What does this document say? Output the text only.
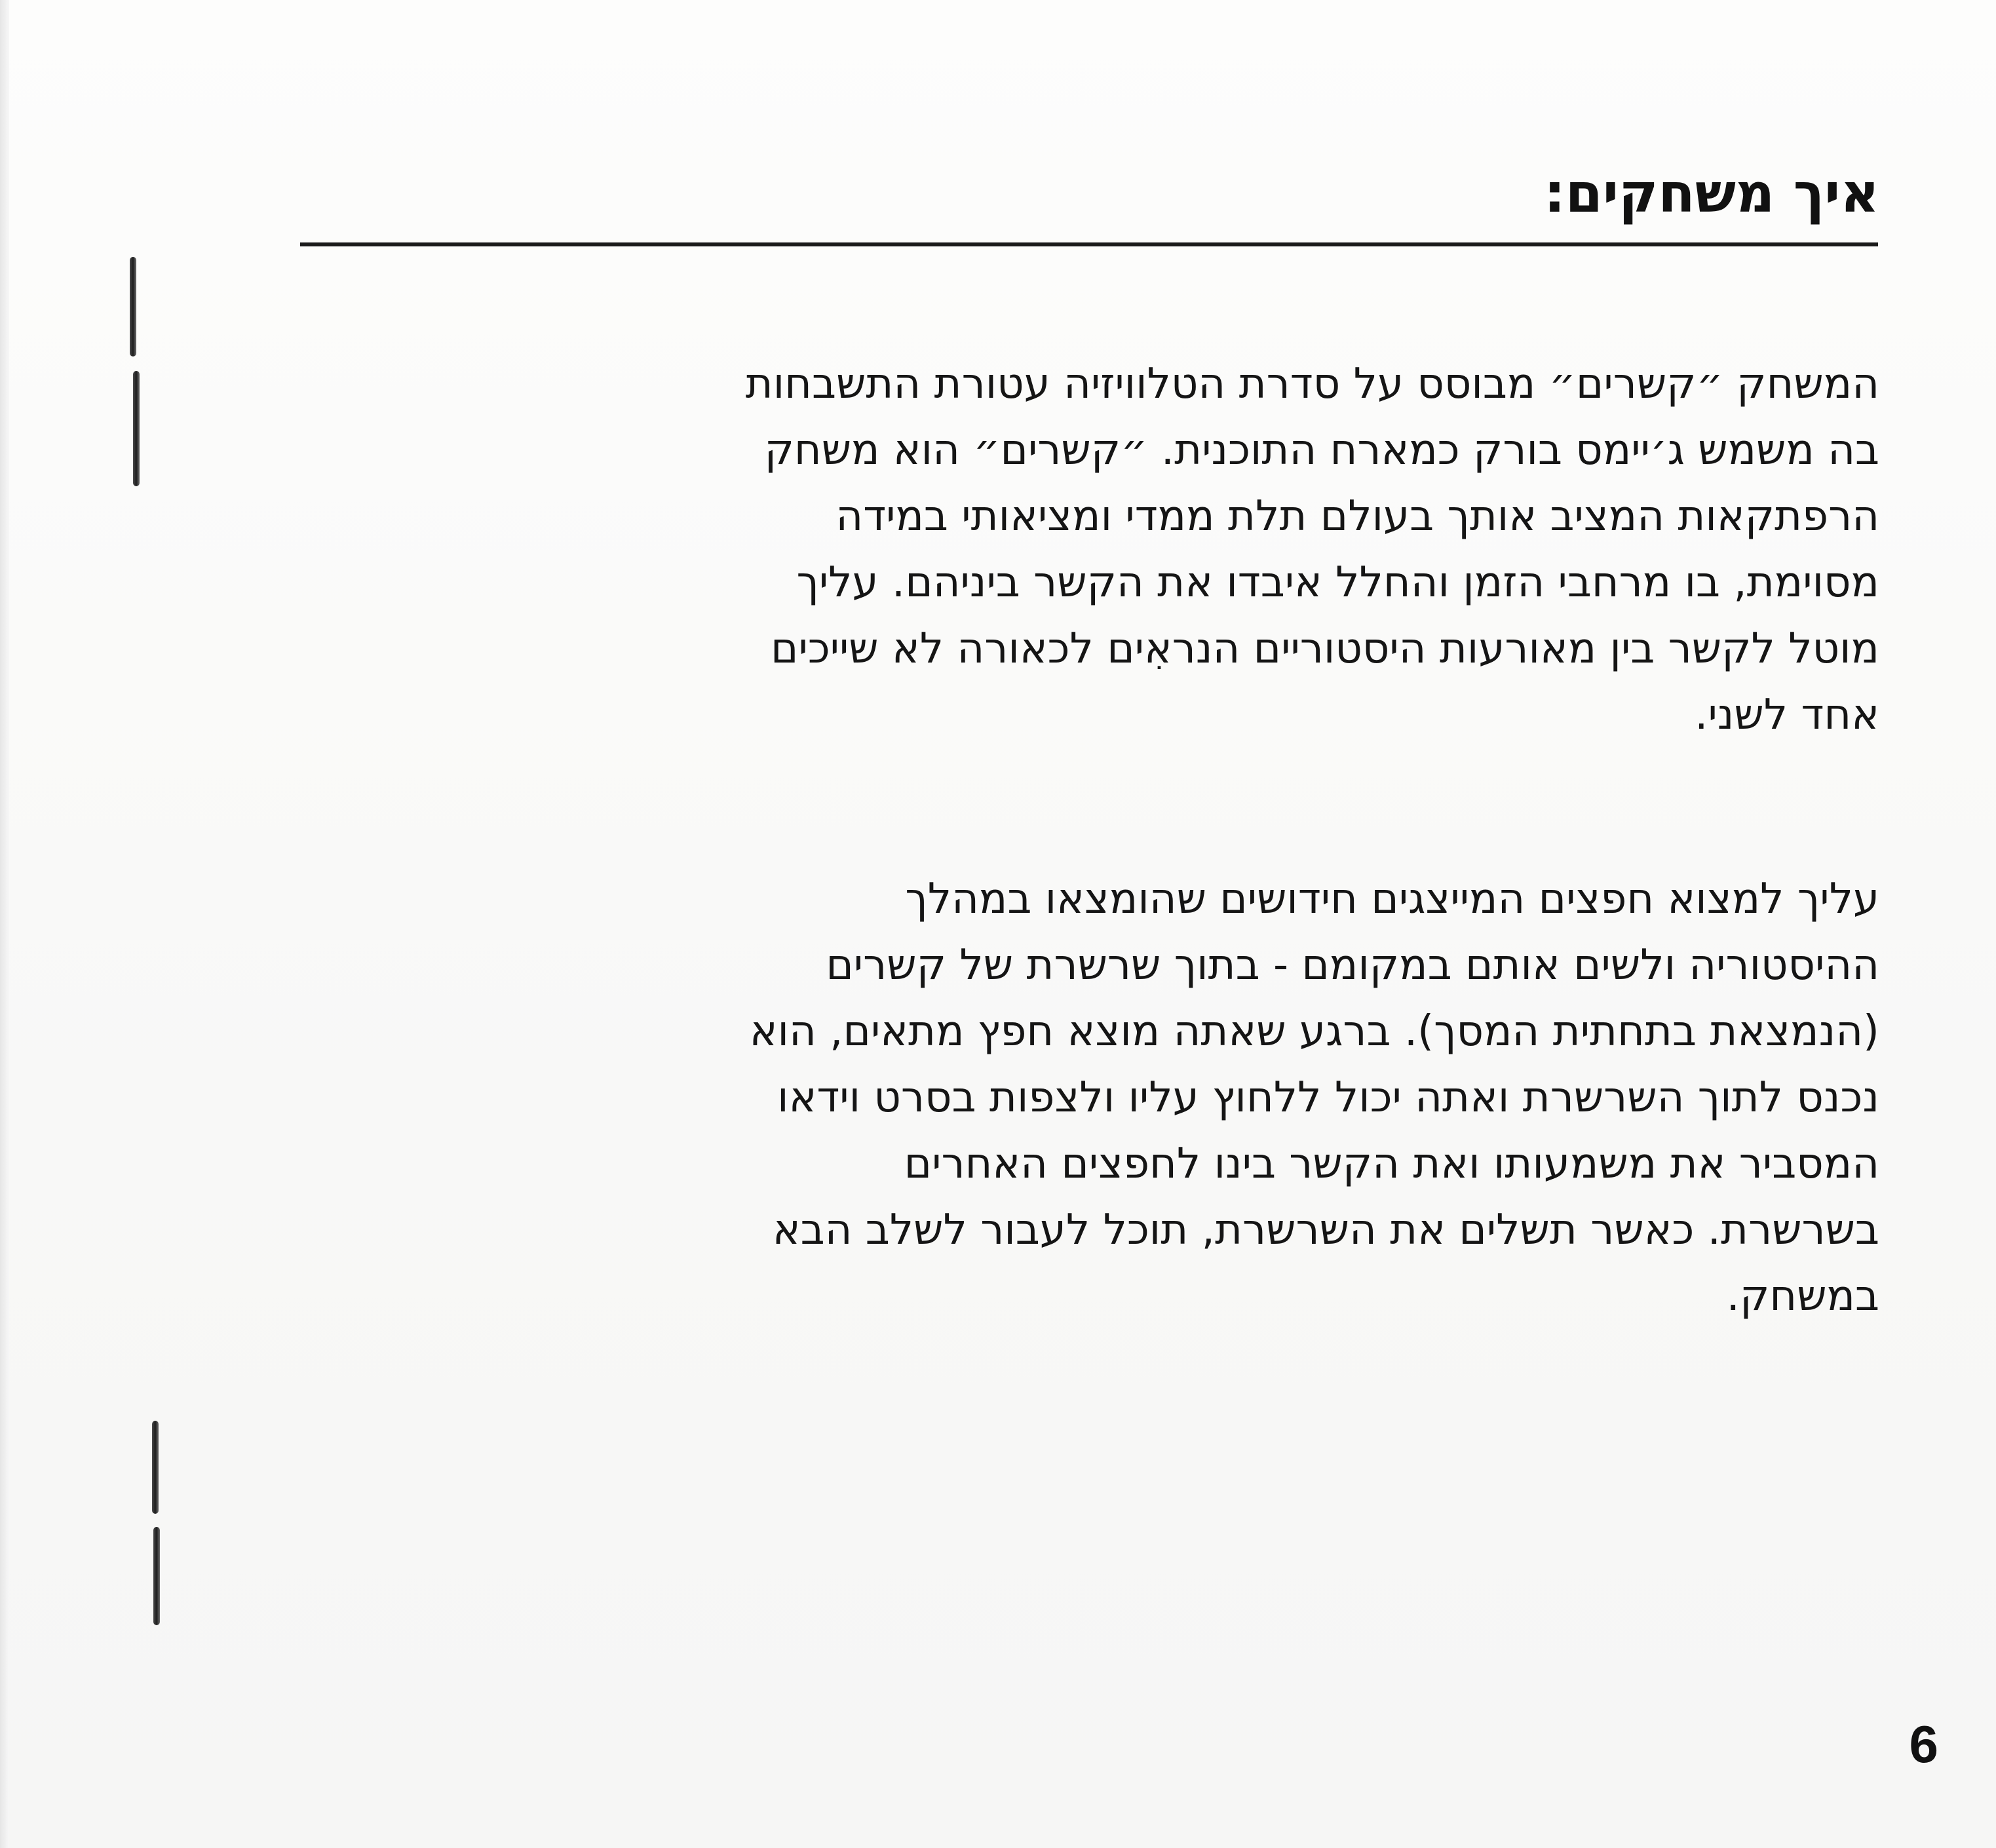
איך משחקים:
המשחק ״קשרים״ מבוסס על סדרת הטלוויזיה עטורת התשבחות
בה משמש ג׳יימס בורק כמארח התוכנית. ״קשרים״ הוא משחק
הרפתקאות המציב אותך בעולם תלת ממדי ומציאותי במידה
מסוימת, בו מרחבי הזמן והחלל איבדו את הקשר ביניהם. עליך
מוטל לקשר בין מאורעות היסטוריים הנראִים לכאורה לא שייכים
אחד לשני.
עליך למצוא חפצים המייצגים חידושים שהומצאו במהלך
ההיסטוריה ולשים אותם במקומם - בתוך שרשרת של קשרים
(הנמצאת בתחתית המסך). ברגע שאתה מוצא חפץ מתאים, הוא
נכנס לתוך השרשרת ואתה יכול ללחוץ עליו ולצפות בסרט וידאו
המסביר את משמעותו ואת הקשר בינו לחפצים האחרים
בשרשרת. כאשר תשלים את השרשרת, תוכל לעבור לשלב הבא
במשחק.
6
